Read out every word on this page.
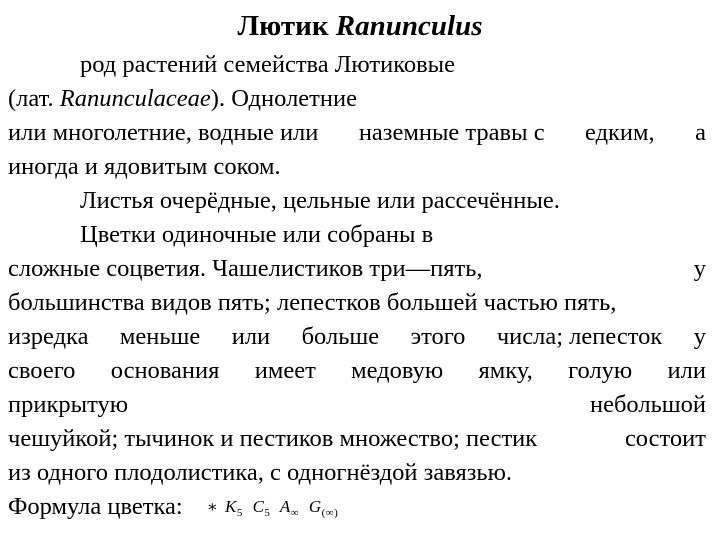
Лютик Ranunculus
род растений семейства Лютиковые
(лат. Ranunculaceae). Однолетние
или многолетние, водные или наземные травы с едким, а
иногда и ядовитым соком.
Листья очерёдные, цельные или рассечённые.
Цветки одиночные или собраны в
сложные соцветия. Чашелистиков три—пять,	у
большинства видов пять; лепестков большей частью пять,
изредка меньше или больше этого числа; лепесток у
своего основания имеет медовую ямку, голую или
прикрытую	небольшой
чешуйкой; тычинок и пестиков множество; пестик	состоит
из одного плодолистика, с одногнёздой завязью.
Формула цветка: ∗ $K_5$ $C_5$ $A_\infty$ $G_{(\infty)}$
